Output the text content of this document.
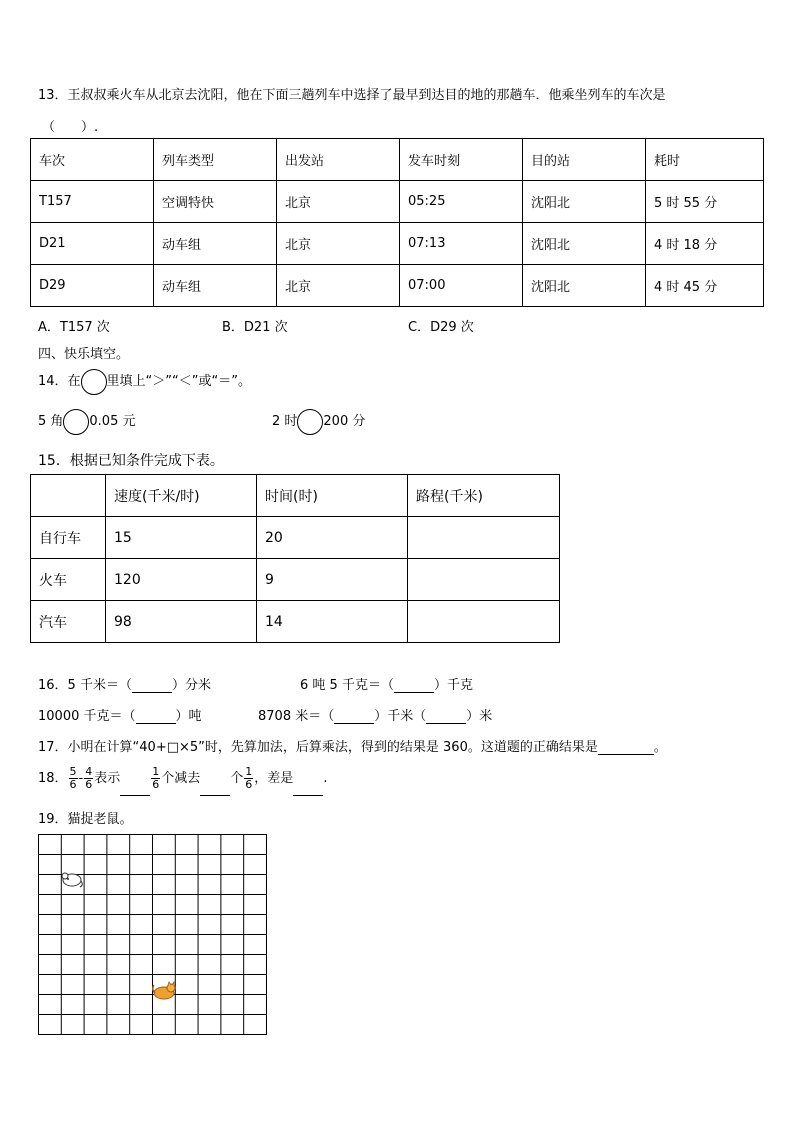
13．王叔叔乘火车从北京去沈阳，他在下面三趟列车中选择了最早到达目的地的那趟车．他乘坐列车的车次是
（　　）.
车次	列车类型	出发站	发车时刻	目的站	耗时
T157	空调特快	北京	05:25	沈阳北	5 时 55 分
D21	动车组	北京	07:13	沈阳北	4 时 18 分
D29	动车组	北京	07:00	沈阳北	4 时 45 分
A．T157 次	B．D21 次	C．D29 次
四、快乐填空。
14．在 里填上“＞”“＜”或“＝”。
5 角 0.05 元	2 时 200 分
15．根据已知条件完成下表。
	速度(千米/时)	时间(时)	路程(千米)
自行车	15	20	
火车	120	9	
汽车	98	14	
16．5 千米＝（	）分米	6 吨 5 千克＝（	）千克
10000 千克＝（	）吨	8708 米＝（	）千米（	）米
17．小明在计算“40+□×5”时，先算加法，后算乘法，得到的结果是 360。这道题的正确结果是	。
18． $\frac{5}{6} - \frac{4}{6}$ 表示	$\frac{1}{6}$ 个减去 个 $\frac{1}{6}$ ，差是 .
19．猫捉老鼠。
